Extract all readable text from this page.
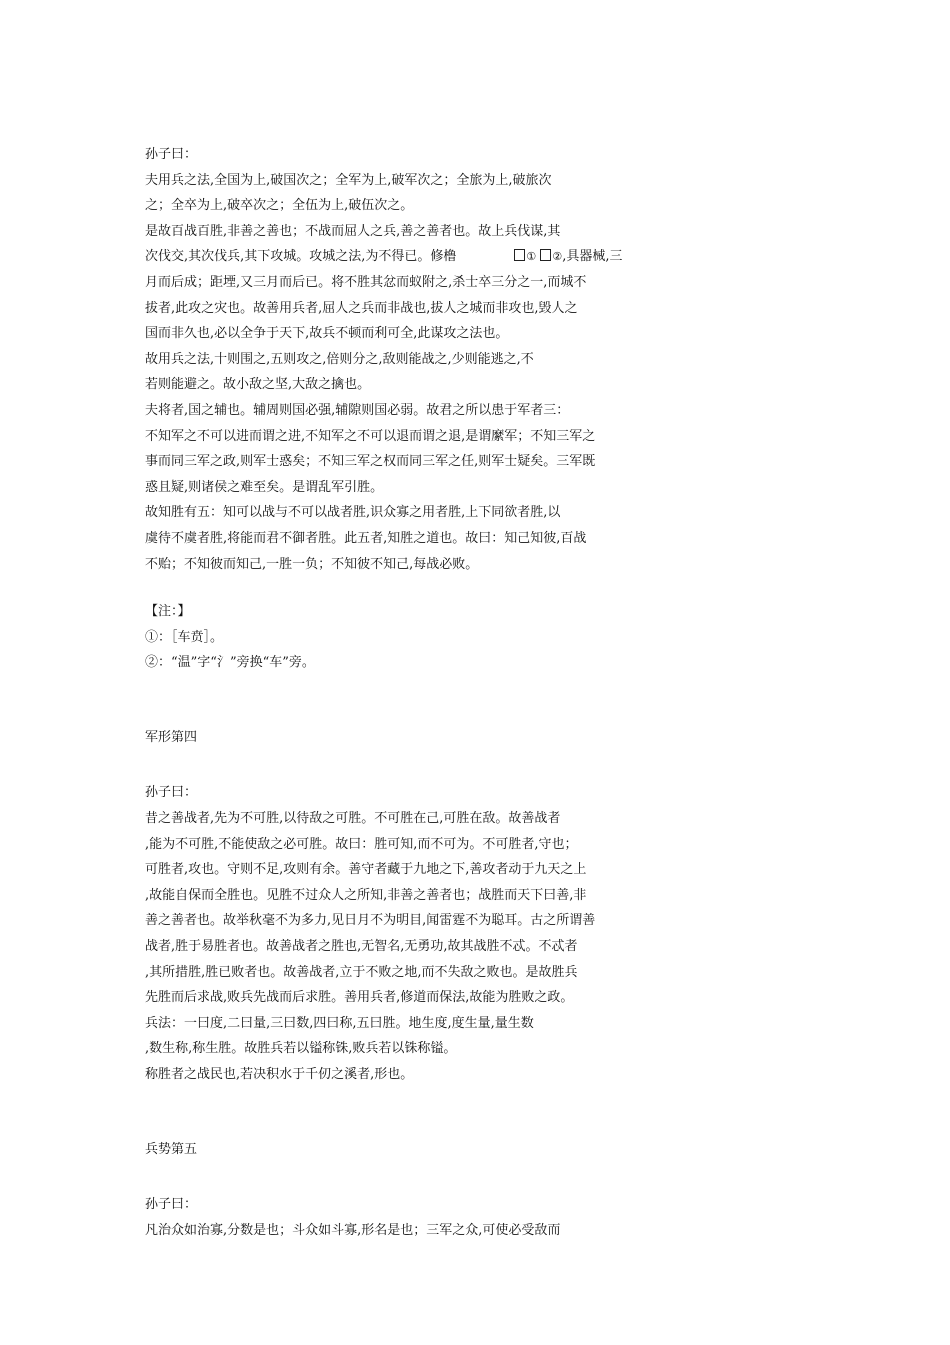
孙子曰：
夫用兵之法,全国为上,破国次之；全军为上,破军次之；全旅为上,破旅次
之；全卒为上,破卒次之；全伍为上,破伍次之。
是故百战百胜,非善之善也；不战而屈人之兵,善之善者也。故上兵伐谋,其
次伐交,其次伐兵,其下攻城。攻城之法,为不得已。修橹	① ②,具器械,三
月而后成；距堙,又三月而后已。将不胜其忿而蚁附之,杀士卒三分之一,而城不
拔者,此攻之灾也。故善用兵者,屈人之兵而非战也,拔人之城而非攻也,毁人之
国而非久也,必以全争于天下,故兵不顿而利可全,此谋攻之法也。
故用兵之法,十则围之,五则攻之,倍则分之,敌则能战之,少则能逃之,不
若则能避之。故小敌之坚,大敌之擒也。
夫将者,国之辅也。辅周则国必强,辅隙则国必弱。故君之所以患于军者三：
不知军之不可以进而谓之进,不知军之不可以退而谓之退,是谓縻军；不知三军之
事而同三军之政,则军士惑矣；不知三军之权而同三军之任,则军士疑矣。三军既
惑且疑,则诸侯之难至矣。是谓乱军引胜。
故知胜有五：知可以战与不可以战者胜,识众寡之用者胜,上下同欲者胜,以
虞待不虞者胜,将能而君不御者胜。此五者,知胜之道也。故曰：知己知彼,百战
不贻；不知彼而知己,一胜一负；不知彼不知己,每战必败。
【注：】
①：［车贲］。
②：“温”字“氵”旁换“车”旁。
军形第四
孙子曰：
昔之善战者,先为不可胜,以待敌之可胜。不可胜在己,可胜在敌。故善战者
,能为不可胜,不能使敌之必可胜。故曰：胜可知,而不可为。不可胜者,守也；
可胜者,攻也。守则不足,攻则有余。善守者藏于九地之下,善攻者动于九天之上
,故能自保而全胜也。见胜不过众人之所知,非善之善者也；战胜而天下曰善,非
善之善者也。故举秋毫不为多力,见日月不为明目,闻雷霆不为聪耳。古之所谓善
战者,胜于易胜者也。故善战者之胜也,无智名,无勇功,故其战胜不忒。不忒者
,其所措胜,胜已败者也。故善战者,立于不败之地,而不失敌之败也。是故胜兵
先胜而后求战,败兵先战而后求胜。善用兵者,修道而保法,故能为胜败之政。
兵法：一曰度,二曰量,三曰数,四曰称,五曰胜。地生度,度生量,量生数
,数生称,称生胜。故胜兵若以镒称铢,败兵若以铢称镒。
称胜者之战民也,若决积水于千仞之溪者,形也。
兵势第五
孙子曰：
凡治众如治寡,分数是也；斗众如斗寡,形名是也；三军之众,可使必受敌而
